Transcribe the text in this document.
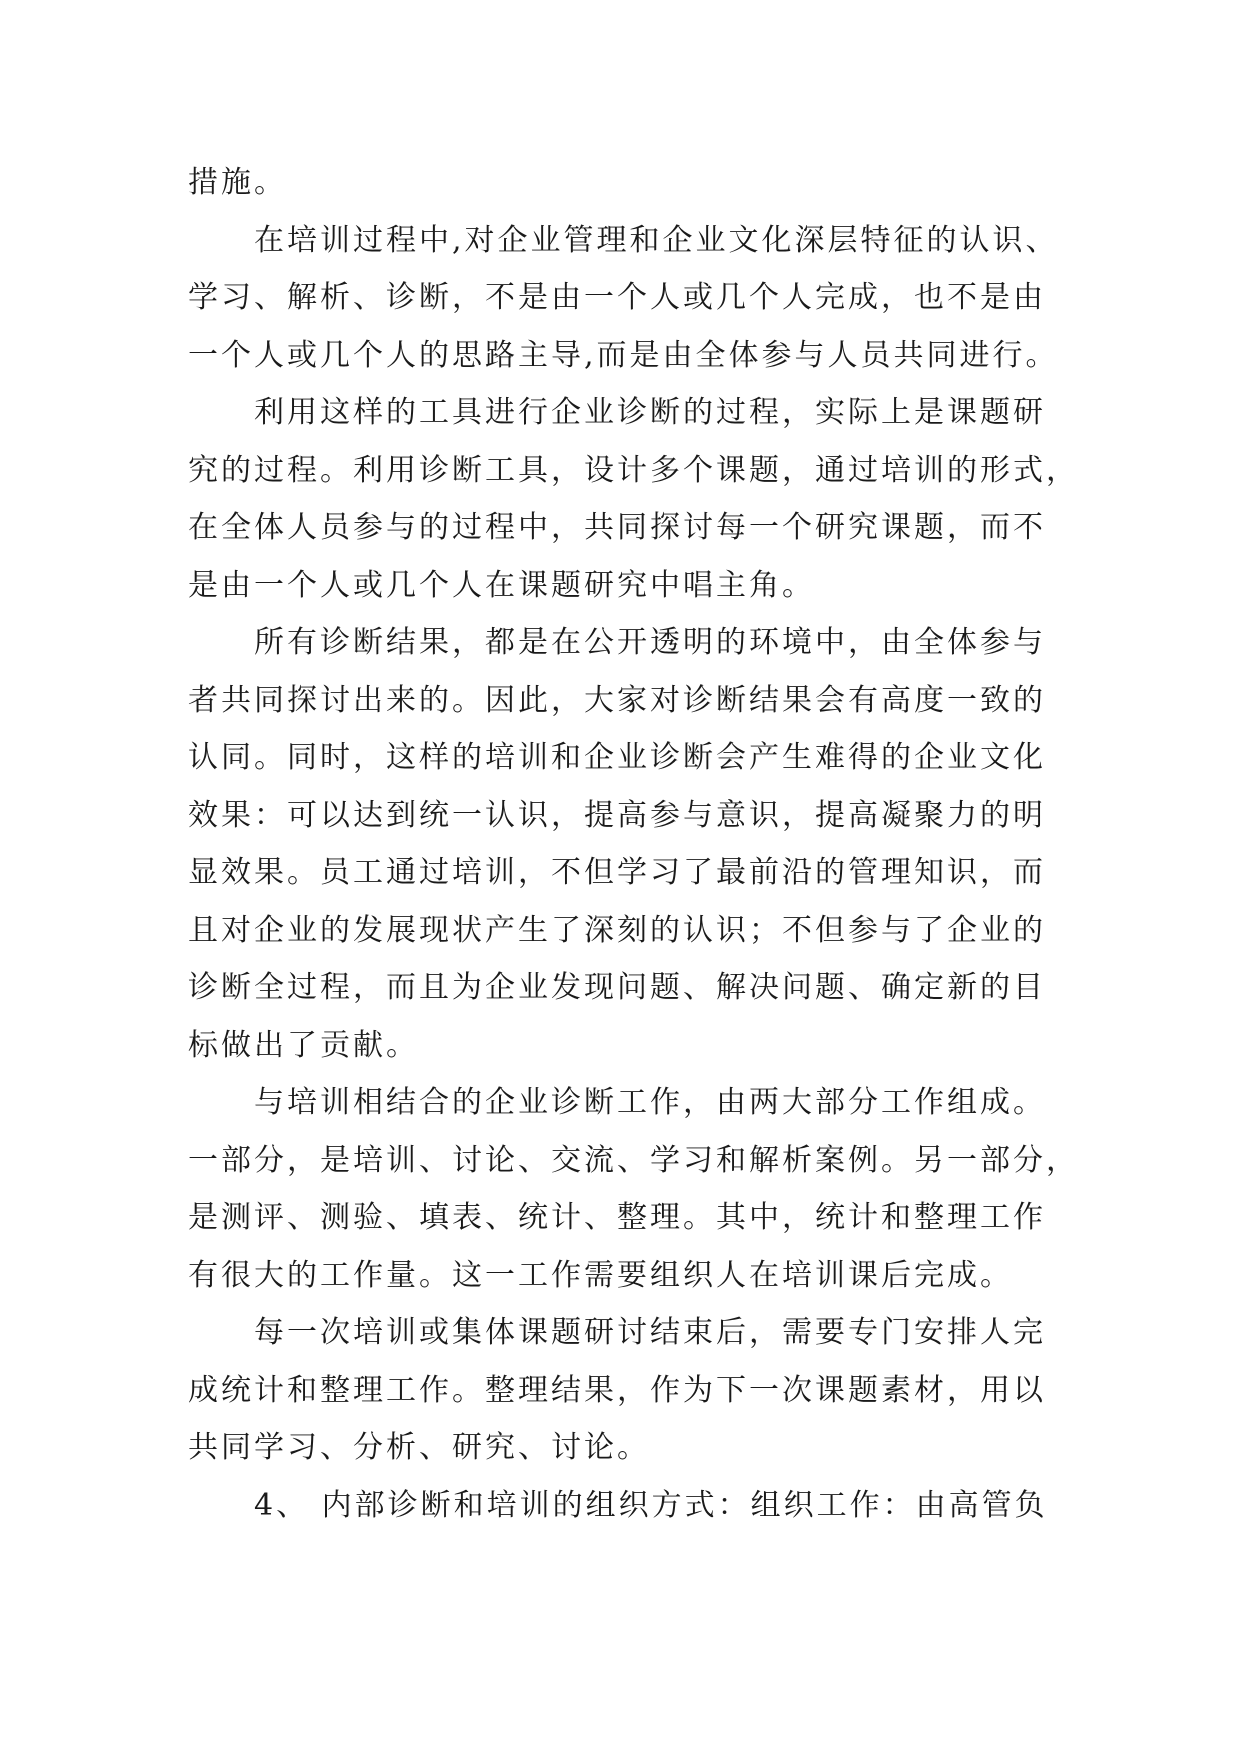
措施。
在培训过程中,对企业管理和企业文化深层特征的认识、
学习、解析、诊断，不是由一个人或几个人完成，也不是由
一个人或几个人的思路主导,而是由全体参与人员共同进行。
利用这样的工具进行企业诊断的过程，实际上是课题研
究的过程。利用诊断工具，设计多个课题，通过培训的形式，
在全体人员参与的过程中，共同探讨每一个研究课题，而不
是由一个人或几个人在课题研究中唱主角。
所有诊断结果，都是在公开透明的环境中，由全体参与
者共同探讨出来的。因此，大家对诊断结果会有高度一致的
认同。同时，这样的培训和企业诊断会产生难得的企业文化
效果：可以达到统一认识，提高参与意识，提高凝聚力的明
显效果。员工通过培训，不但学习了最前沿的管理知识，而
且对企业的发展现状产生了深刻的认识；不但参与了企业的
诊断全过程，而且为企业发现问题、解决问题、确定新的目
标做出了贡献。
与培训相结合的企业诊断工作，由两大部分工作组成。
一部分，是培训、讨论、交流、学习和解析案例。另一部分，
是测评、测验、填表、统计、整理。其中，统计和整理工作
有很大的工作量。这一工作需要组织人在培训课后完成。
每一次培训或集体课题研讨结束后，需要专门安排人完
成统计和整理工作。整理结果，作为下一次课题素材，用以
共同学习、分析、研究、讨论。
4、 内部诊断和培训的组织方式：组织工作：由高管负
